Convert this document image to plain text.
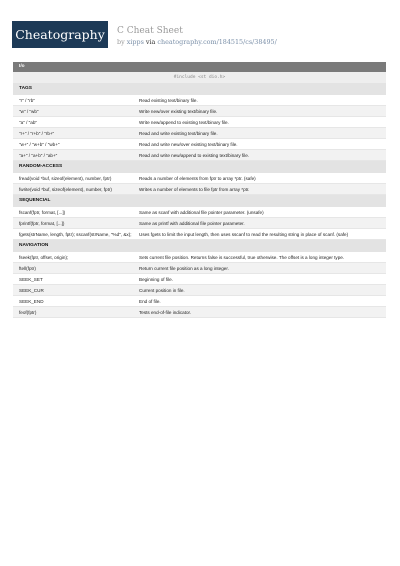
Cheatography	C Cheat Sheet
by xipps via cheatography.com/184515/cs/38495/
I/o
#include <st dio.h>
TAGS
"r" / "rb"	Read existing text/binary file.
"w" / "wb"	Write new/over existing text/binary file.
"a" / "ab"	Write new/append to existing text/binary file.
"r+" / "r+b" / "rb+"	Read and write existing text/binary file.
"w+" / "w+b" / "wb+"	Read and write new/over existing text/binary file.
"a+" / "a+b" / "ab+"	Read and write new/append to existing text/binary file.
RANDOM-ACCESS
fread(void *buf, sizeof(element), number, fptr)	Reads a number of elements from fptr to array *ptr. (safe)
fwrite(void *buf, sizeof(element), number, fptr)	Writes a number of elements to file fptr from array *ptr.
SEQUENCIAL
fscanf(fptr, format, [...])	Same as scanf with additional file pointer parameter. (unsafe)
fprintf(fptr, format, [...])	Same as printf with additional file pointer parameter.
fgets(strName, length, fptr); sscanf(strName, "%d", &x);	Uses fgets to limit the input length, then uses sscanf to read the resulting string in place of scanf. (safe)
NAVIGATION
fseek(fptr, offset, origin);	Sets current file position. Returns false is successful, true otherwise. The offset is a long integer type.
ftell(fptr)	Return current file position as a long integer.
SEEK_SET	Beginning of file.
SEEK_CUR	Current position in file.
SEEK_END	End of file.
feof(fptr)	Tests end-of-file indicator.
